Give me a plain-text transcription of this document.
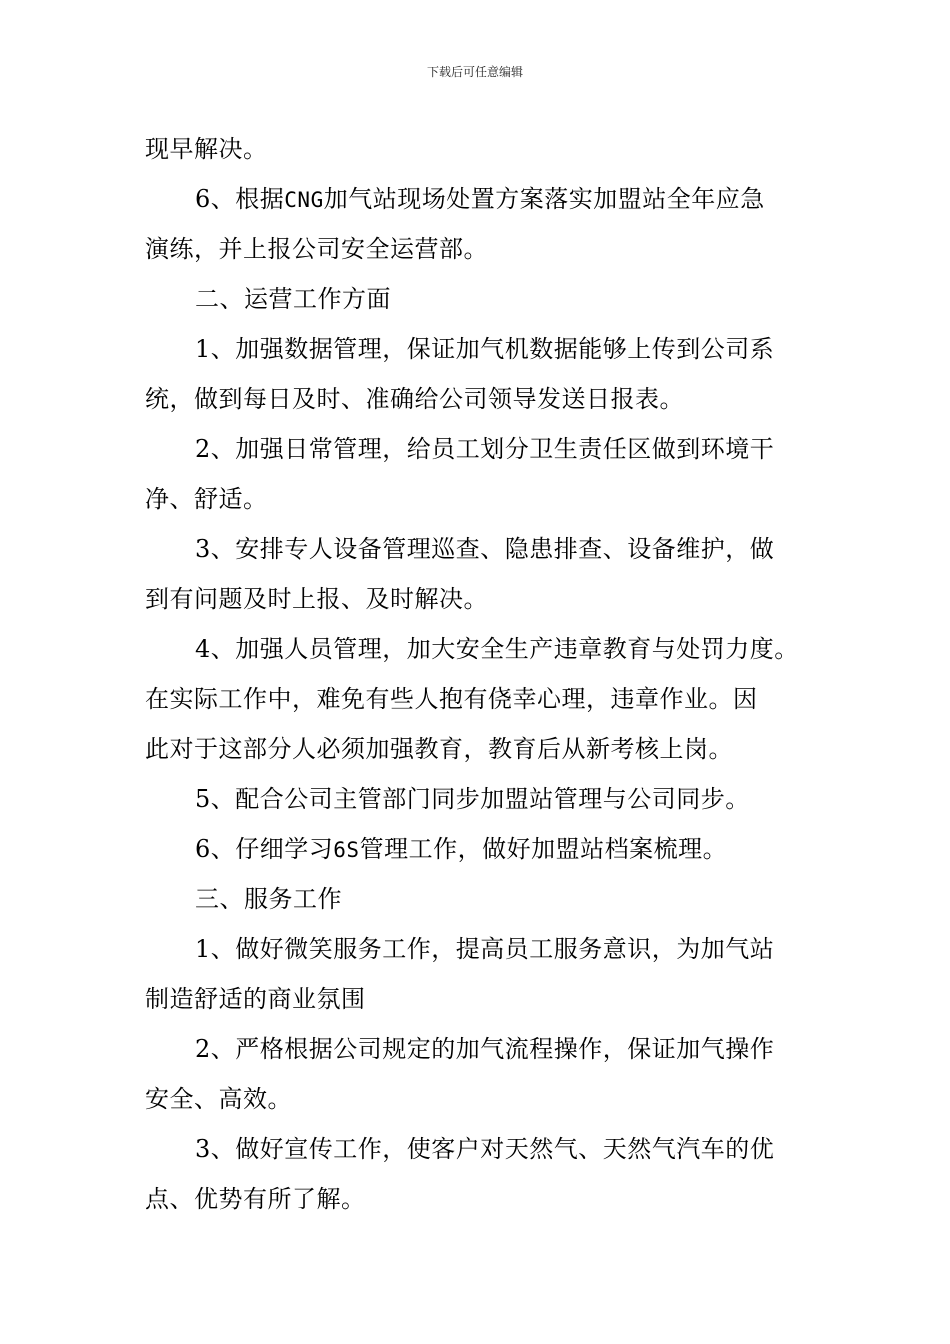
下载后可任意编辑

现早解决。

6、根据CNG加气站现场处置方案落实加盟站全年应急
演练，并上报公司安全运营部。

二、运营工作方面

1、加强数据管理，保证加气机数据能够上传到公司系
统，做到每日及时、准确给公司领导发送日报表。

2、加强日常管理，给员工划分卫生责任区做到环境干
净、舒适。

3、安排专人设备管理巡查、隐患排查、设备维护，做
到有问题及时上报、及时解决。

4、加强人员管理，加大安全生产违章教育与处罚力度。
在实际工作中，难免有些人抱有侥幸心理，违章作业。因
此对于这部分人必须加强教育，教育后从新考核上岗。

5、配合公司主管部门同步加盟站管理与公司同步。

6、仔细学习6S管理工作，做好加盟站档案梳理。

三、服务工作

1、做好微笑服务工作，提高员工服务意识，为加气站
制造舒适的商业氛围

2、严格根据公司规定的加气流程操作，保证加气操作
安全、高效。

3、做好宣传工作，使客户对天然气、天然气汽车的优
点、优势有所了解。
